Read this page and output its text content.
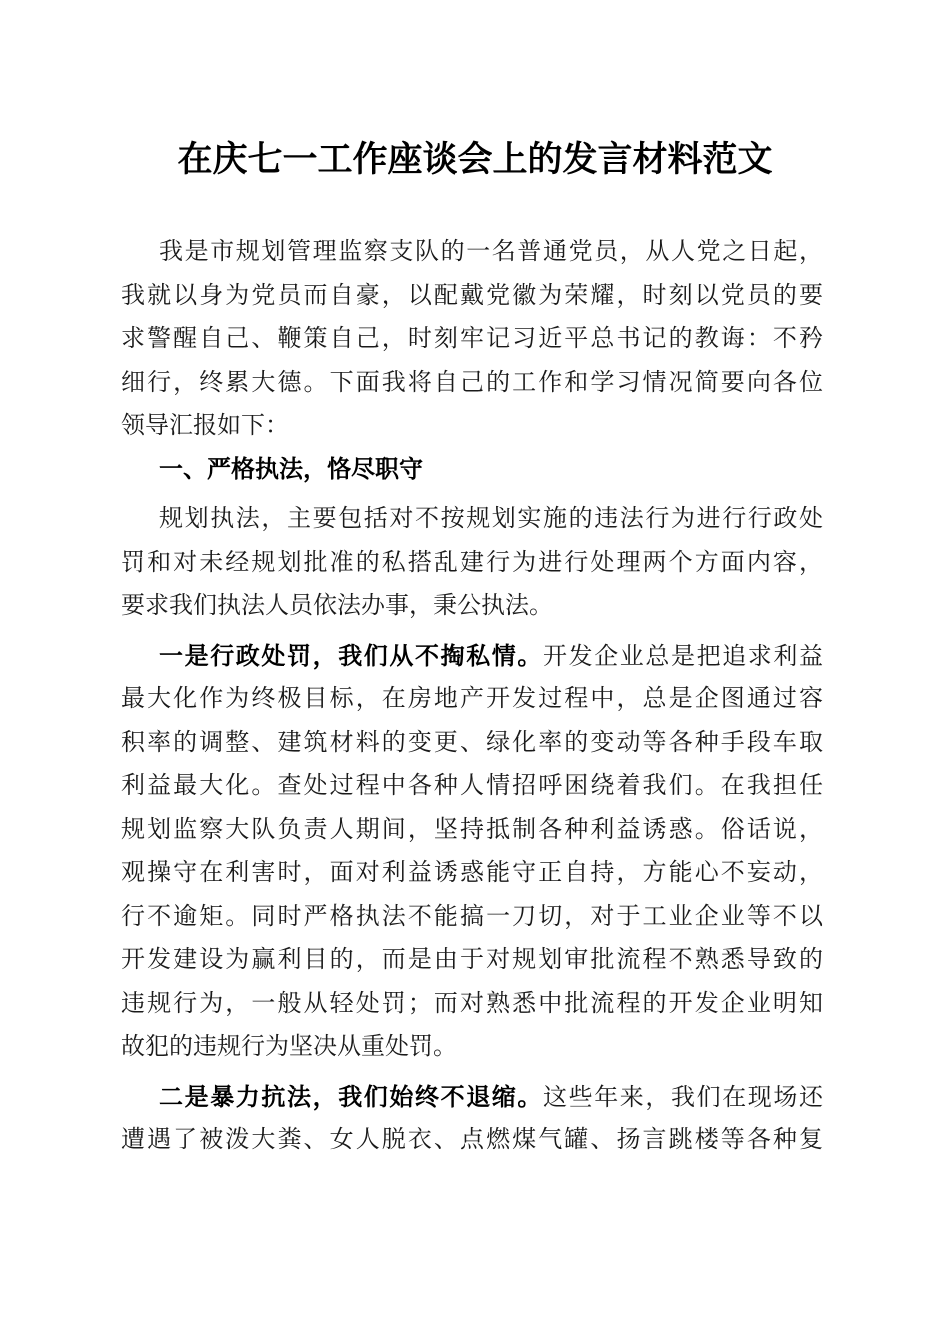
在庆七一工作座谈会上的发言材料范文
我是市规划管理监察支队的一名普通党员，从人党之日起，
我就以身为党员而自豪，以配戴党徽为荣耀，时刻以党员的要
求警醒自己、鞭策自己，时刻牢记习近平总书记的教诲：不矜
细行，终累大德。下面我将自己的工作和学习情况简要向各位
领导汇报如下：
一、严格执法，恪尽职守
规划执法，主要包括对不按规划实施的违法行为进行行政处
罚和对未经规划批准的私搭乱建行为进行处理两个方面内容，
要求我们执法人员依法办事，秉公执法。
一是行政处罚，我们从不掏私情。开发企业总是把追求利益
最大化作为终极目标，在房地产开发过程中，总是企图通过容
积率的调整、建筑材料的变更、绿化率的变动等各种手段车取
利益最大化。查处过程中各种人情招呼困绕着我们。在我担任
规划监察大队负责人期间，坚持抵制各种利益诱惑。俗话说，
观操守在利害时，面对利益诱惑能守正自持，方能心不妄动，
行不逾矩。同时严格执法不能搞一刀切，对于工业企业等不以
开发建设为赢利目的，而是由于对规划审批流程不熟悉导致的
违规行为，一般从轻处罚；而对熟悉中批流程的开发企业明知
故犯的违规行为坚决从重处罚。
二是暴力抗法，我们始终不退缩。这些年来，我们在现场还
遭遇了被泼大粪、女人脱衣、点燃煤气罐、扬言跳楼等各种复
